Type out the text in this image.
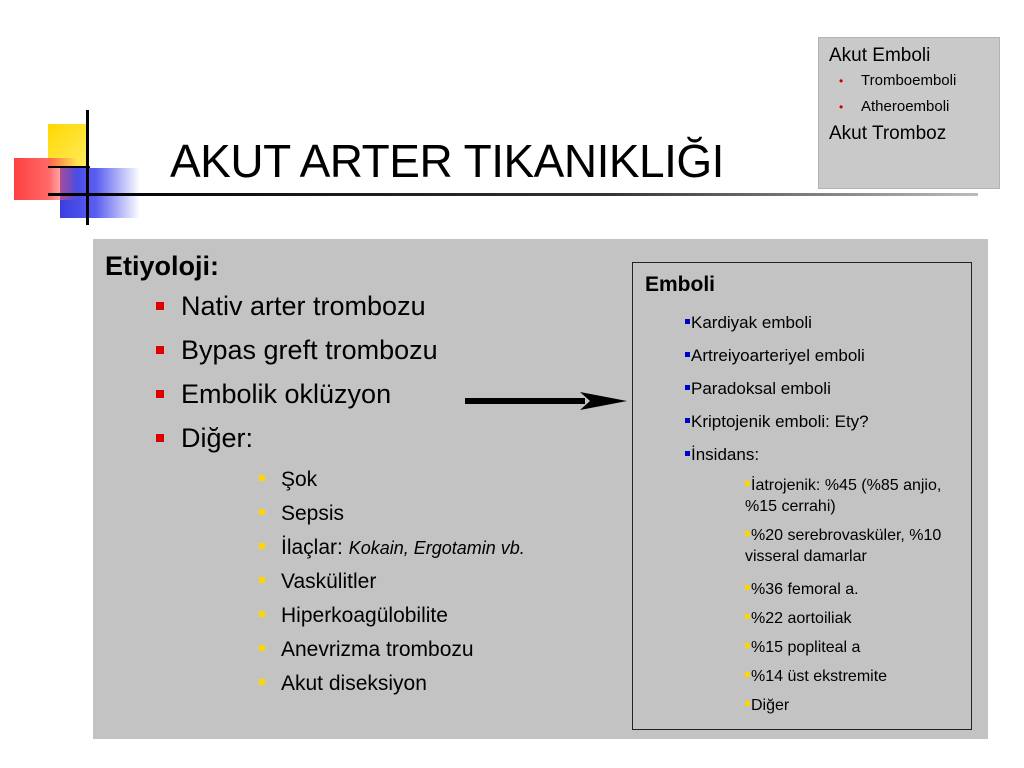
AKUT ARTER TIKANIKLIĞI
Akut Emboli
• Tromboemboli
• Atheroemboli
Akut Tromboz
Etiyoloji:
Nativ arter trombozu
Bypas greft trombozu
Embolik oklüzyon
Diğer:
Şok
Sepsis
İlaçlar: Kokain, Ergotamin vb.
Vaskülitler
Hiperkoagülobilite
Anevrizma trombozu
Akut diseksiyon
Emboli
Kardiyak emboli
Artreiyoarteriyel emboli
Paradoksal emboli
Kriptojenik emboli: Ety?
İnsidans:
İatrojenik: %45 (%85 anjio, %15 cerrahi)
%20 serebrovasküler, %10 visseral damarlar
%36 femoral a.
%22 aortoiliak
%15 popliteal a
%14 üst ekstremite
Diğer
